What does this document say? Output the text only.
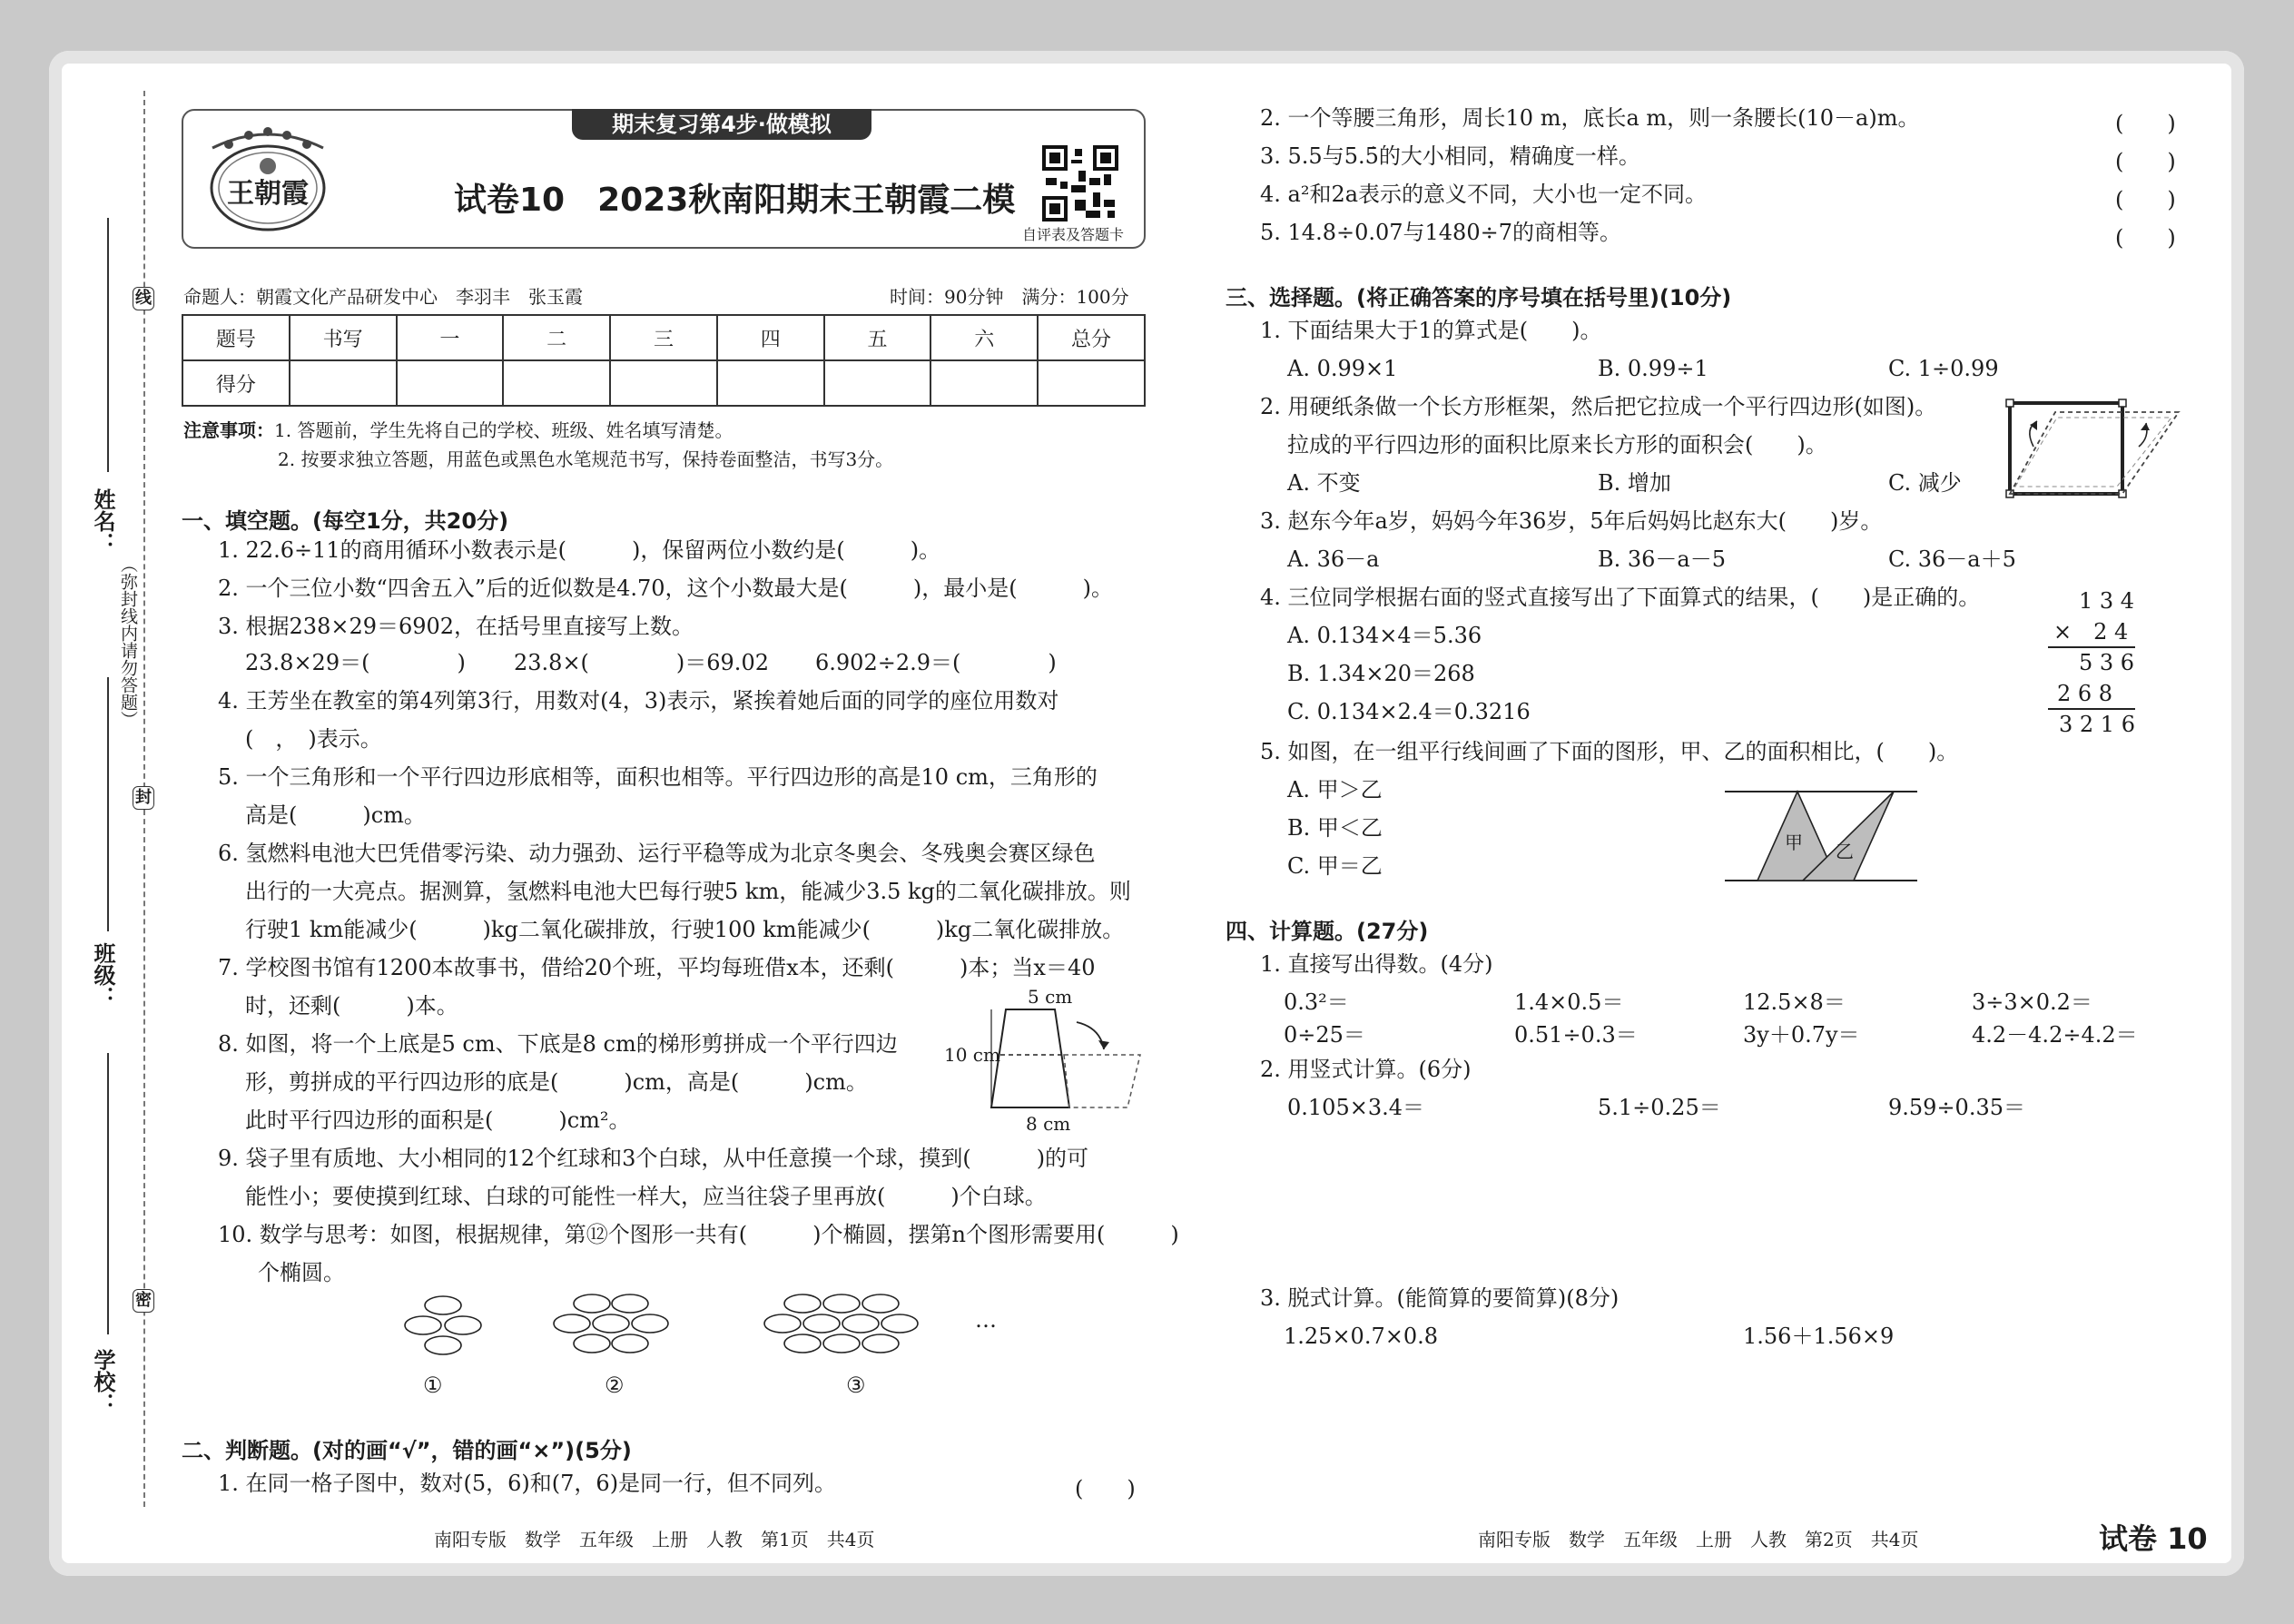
线
封
密
（弥封线内请勿答题）
姓名：
班级：
学校：
王朝霞
期末复习第4步·做模拟
试卷10　2023秋南阳期末王朝霞二模
自评表及答题卡
命题人：朝霞文化产品研发中心　李羽丰　张玉霞	时间：90分钟　满分：100分
题号	书写	一	二	三	四	五	六	总分
得分								
注意事项：1. 答题前，学生先将自己的学校、班级、姓名填写清楚。
2. 按要求独立答题，用蓝色或黑色水笔规范书写，保持卷面整洁，书写3分。
一、填空题。(每空1分，共20分)
1. 22.6÷11的商用循环小数表示是(　　　)，保留两位小数约是(　　　)。
2. 一个三位小数“四舍五入”后的近似数是4.70，这个小数最大是(　　　)，最小是(　　　)。
3. 根据238×29＝6902，在括号里直接写上数。
23.8×29＝(　　　　) 23.8×(　　　　)＝69.02 6.902÷2.9＝(　　　　)
4. 王芳坐在教室的第4列第3行，用数对(4，3)表示，紧挨着她后面的同学的座位用数对
(　，　)表示。
5. 一个三角形和一个平行四边形底相等，面积也相等。平行四边形的高是10 cm，三角形的
高是(　　　)cm。
6. 氢燃料电池大巴凭借零污染、动力强劲、运行平稳等成为北京冬奥会、冬残奥会赛区绿色
出行的一大亮点。据测算，氢燃料电池大巴每行驶5 km，能减少3.5 kg的二氧化碳排放。则
行驶1 km能减少(　　　)kg二氧化碳排放，行驶100 km能减少(　　　)kg二氧化碳排放。
7. 学校图书馆有1200本故事书，借给20个班，平均每班借x本，还剩(　　　)本；当x＝40
时，还剩(　　　)本。
8. 如图，将一个上底是5 cm、下底是8 cm的梯形剪拼成一个平行四边
形，剪拼成的平行四边形的底是(　　　)cm，高是(　　　)cm。
此时平行四边形的面积是(　　　)cm²。
5 cm
10 cm
8 cm
9. 袋子里有质地、大小相同的12个红球和3个白球，从中任意摸一个球，摸到(　　　)的可
能性小；要使摸到红球、白球的可能性一样大，应当往袋子里再放(　　　)个白球。
10. 数学与思考：如图，根据规律，第⑫个图形一共有(　　　)个椭圆，摆第n个图形需要用(　　　)
个椭圆。
①	②	③
…
二、判断题。(对的画“√”，错的画“×”)(5分)
1. 在同一格子图中，数对(5，6)和(7，6)是同一行，但不同列。	(　　)
2. 一个等腰三角形，周长10 m，底长a m，则一条腰长(10－a)m。	(　　)
3. 5.5与5.5̇的大小相同，精确度一样。	(　　)
4. a²和2a表示的意义不同，大小也一定不同。	(　　)
5. 14.8÷0.07与1480÷7的商相等。	(　　)
三、选择题。(将正确答案的序号填在括号里)(10分)
1. 下面结果大于1的算式是(　　)。
A. 0.99×1	B. 0.99÷1	C. 1÷0.99
2. 用硬纸条做一个长方形框架，然后把它拉成一个平行四边形(如图)。
拉成的平行四边形的面积比原来长方形的面积会(　　)。
A. 不变	B. 增加	C. 减少
3. 赵东今年a岁，妈妈今年36岁，5年后妈妈比赵东大(　　)岁。
A. 36－a	B. 36－a－5	C. 36－a＋5
4. 三位同学根据右面的竖式直接写出了下面算式的结果，(　　)是正确的。
A. 0.134×4＝5.36
B. 1.34×20＝268
C. 0.134×2.4＝0.3216
1 3 4
×　2 4
5 3 6
2 6 8
3 2 1 6
5. 如图，在一组平行线间画了下面的图形，甲、乙的面积相比，(　　)。
A. 甲＞乙
B. 甲＜乙
C. 甲＝乙
甲 乙
四、计算题。(27分)
1. 直接写出得数。(4分)
0.3²＝	1.4×0.5＝	12.5×8＝	3÷3×0.2＝
0÷25＝	0.51÷0.3＝	3y＋0.7y＝	4.2－4.2÷4.2＝
2. 用竖式计算。(6分)
0.105×3.4＝	5.1÷0.25＝	9.59÷0.35＝
3. 脱式计算。(能简算的要简算)(8分)
1.25×0.7×0.8	1.56＋1.56×9
南阳专版　数学　五年级　上册　人教　第1页　共4页	南阳专版　数学　五年级　上册　人教　第2页　共4页	试卷 10
